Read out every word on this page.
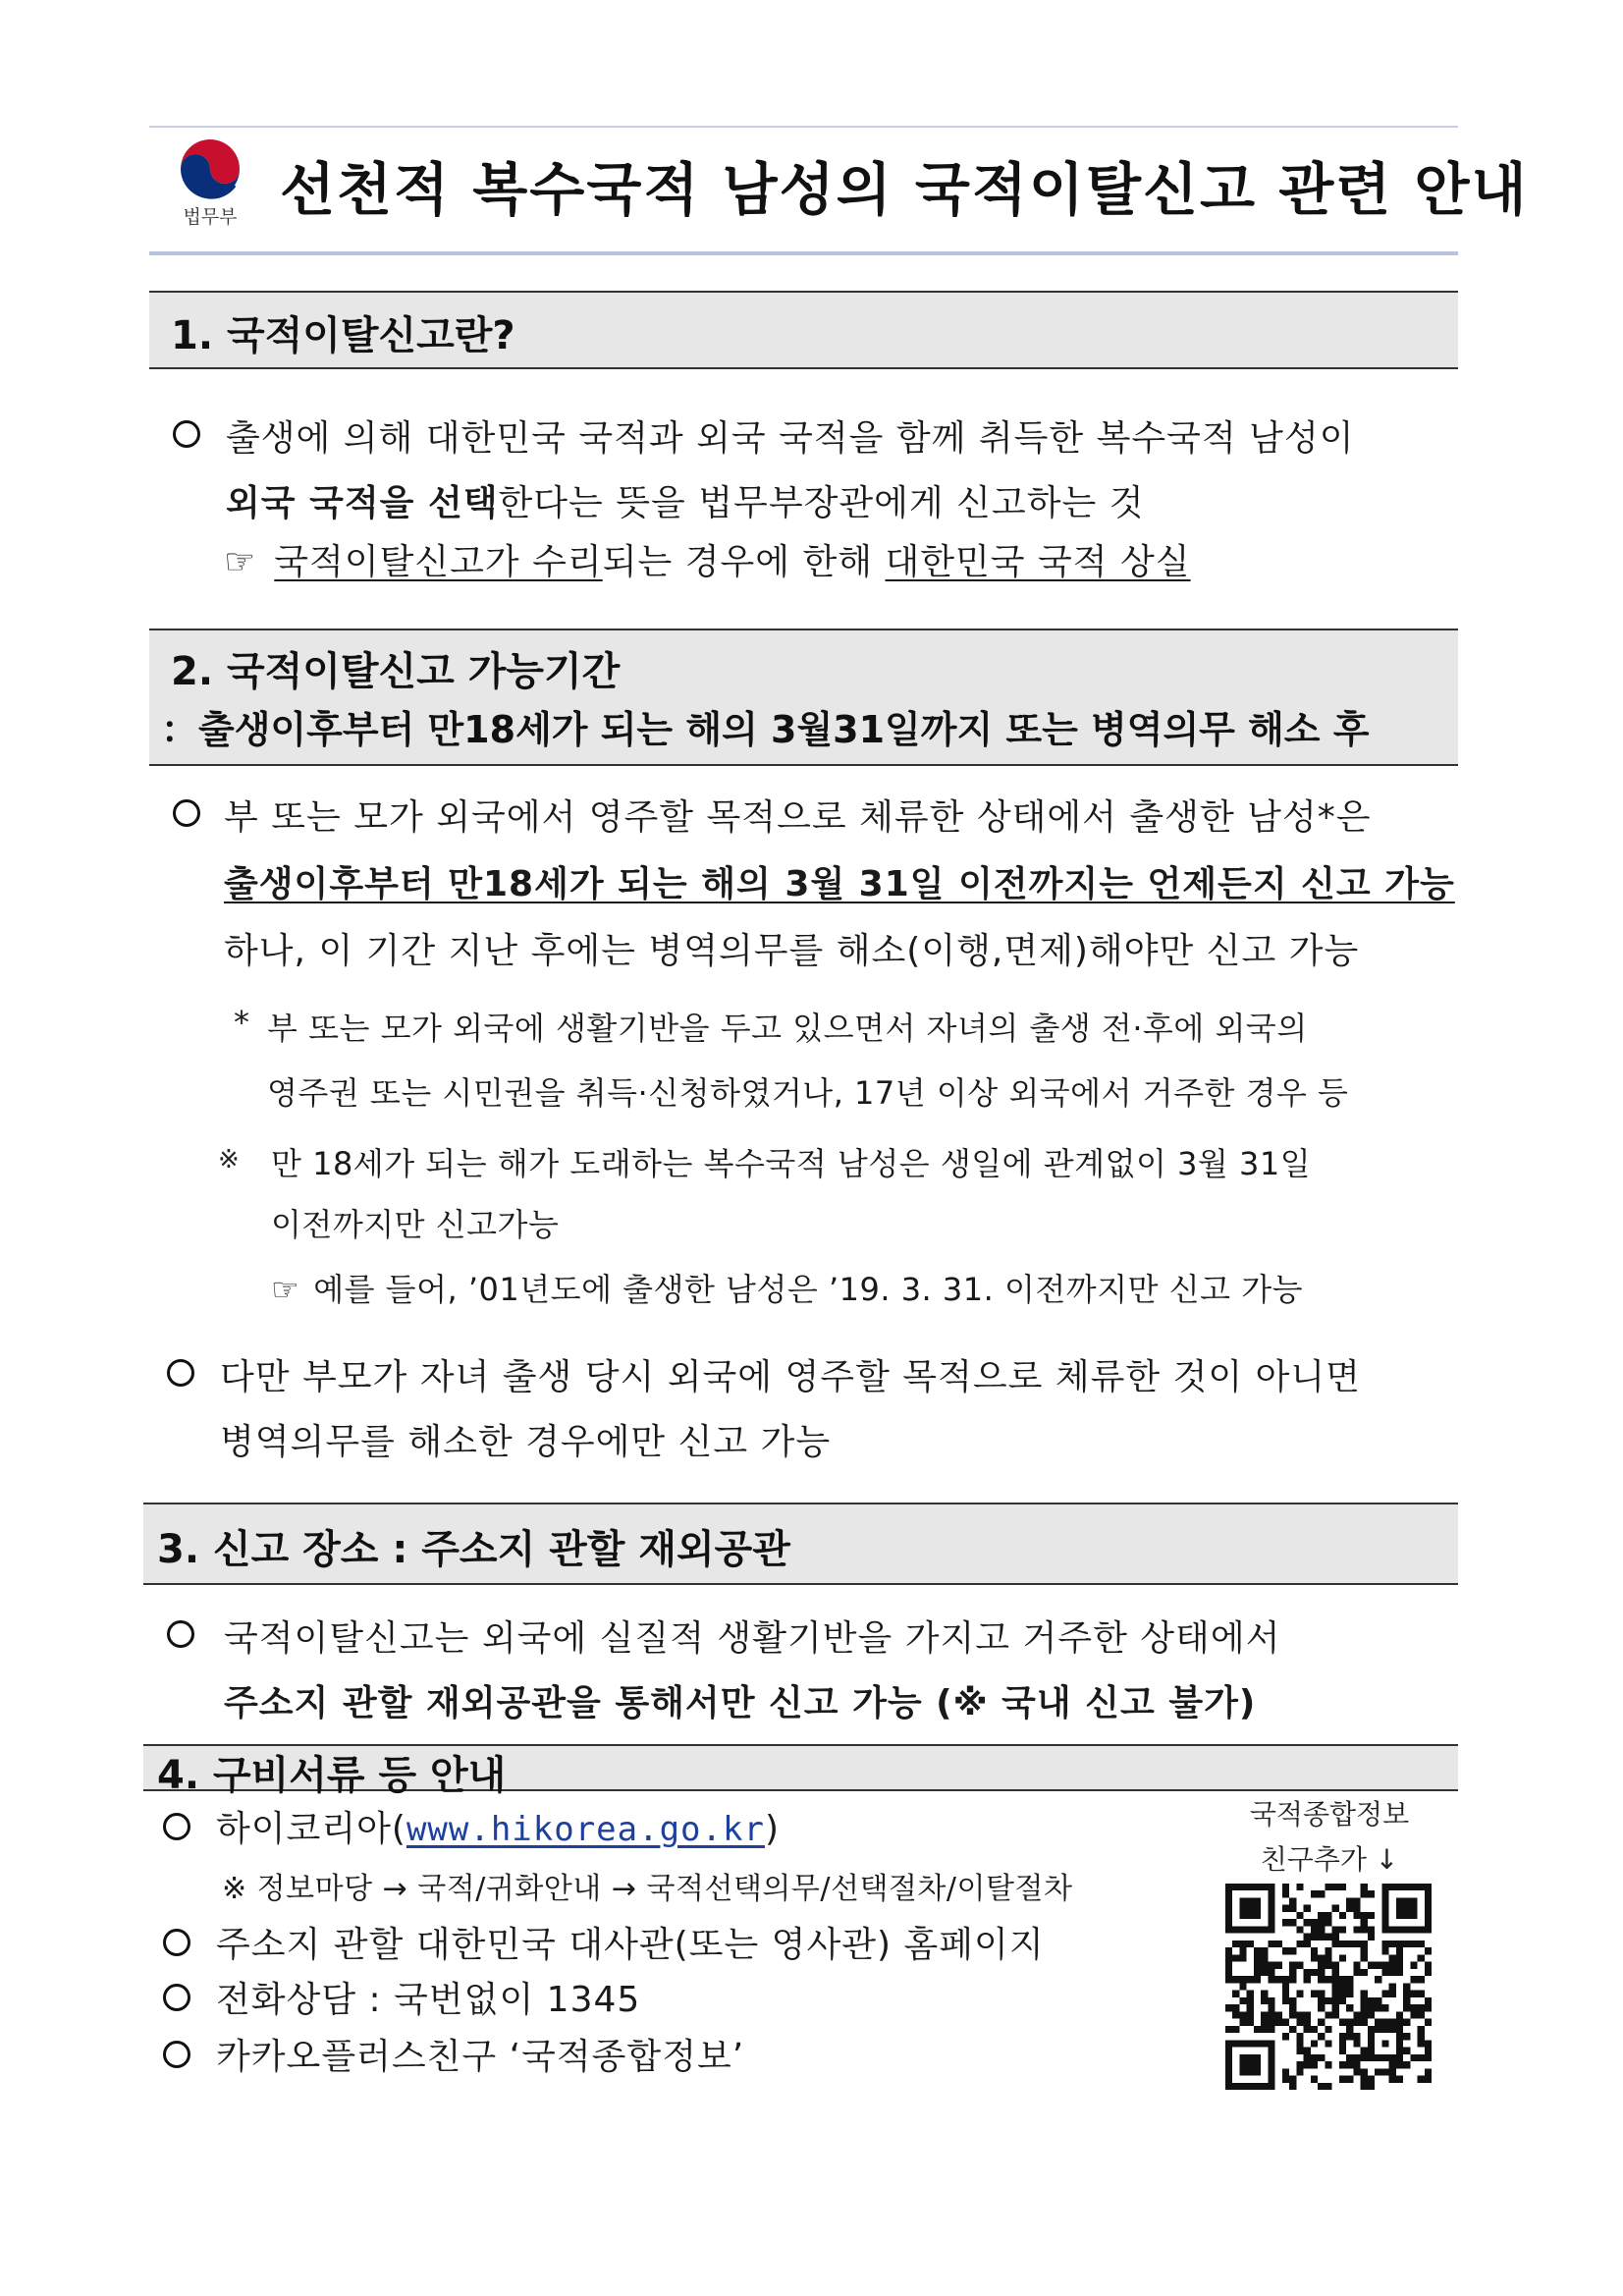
법무부 선천적 복수국적 남성의 국적이탈신고 관련 안내
1. 국적이탈신고란?
출생에 의해 대한민국 국적과 외국 국적을 함께 취득한 복수국적 남성이
외국 국적을 선택한다는 뜻을 법무부장관에게 신고하는 것
☞ 국적이탈신고가 수리되는 경우에 한해 대한민국 국적 상실
2. 국적이탈신고 가능기간
：출생이후부터 만18세가 되는 해의 3월31일까지 또는 병역의무 해소 후
부 또는 모가 외국에서 영주할 목적으로 체류한 상태에서 출생한 남성*은
출생이후부터 만18세가 되는 해의 3월 31일 이전까지는 언제든지 신고 가능
하나, 이 기간 지난 후에는 병역의무를 해소(이행,면제)해야만 신고 가능
* 부 또는 모가 외국에 생활기반을 두고 있으면서 자녀의 출생 전·후에 외국의
영주권 또는 시민권을 취득·신청하였거나, 17년 이상 외국에서 거주한 경우 등
※ 만 18세가 되는 해가 도래하는 복수국적 남성은 생일에 관계없이 3월 31일
이전까지만 신고가능
☞ 예를 들어, ’01년도에 출생한 남성은 ’19. 3. 31. 이전까지만 신고 가능
다만 부모가 자녀 출생 당시 외국에 영주할 목적으로 체류한 것이 아니면
병역의무를 해소한 경우에만 신고 가능
3. 신고 장소 : 주소지 관할 재외공관
국적이탈신고는 외국에 실질적 생활기반을 가지고 거주한 상태에서
주소지 관할 재외공관을 통해서만 신고 가능 (※ 국내 신고 불가)
4. 구비서류 등 안내
하이코리아(www.hikorea.go.kr)
※ 정보마당 → 국적/귀화안내 → 국적선택의무/선택절차/이탈절차
주소지 관할 대한민국 대사관(또는 영사관) 홈페이지
전화상담 : 국번없이 1345
카카오플러스친구 ‘국적종합정보’
국적종합정보
친구추가 ↓
